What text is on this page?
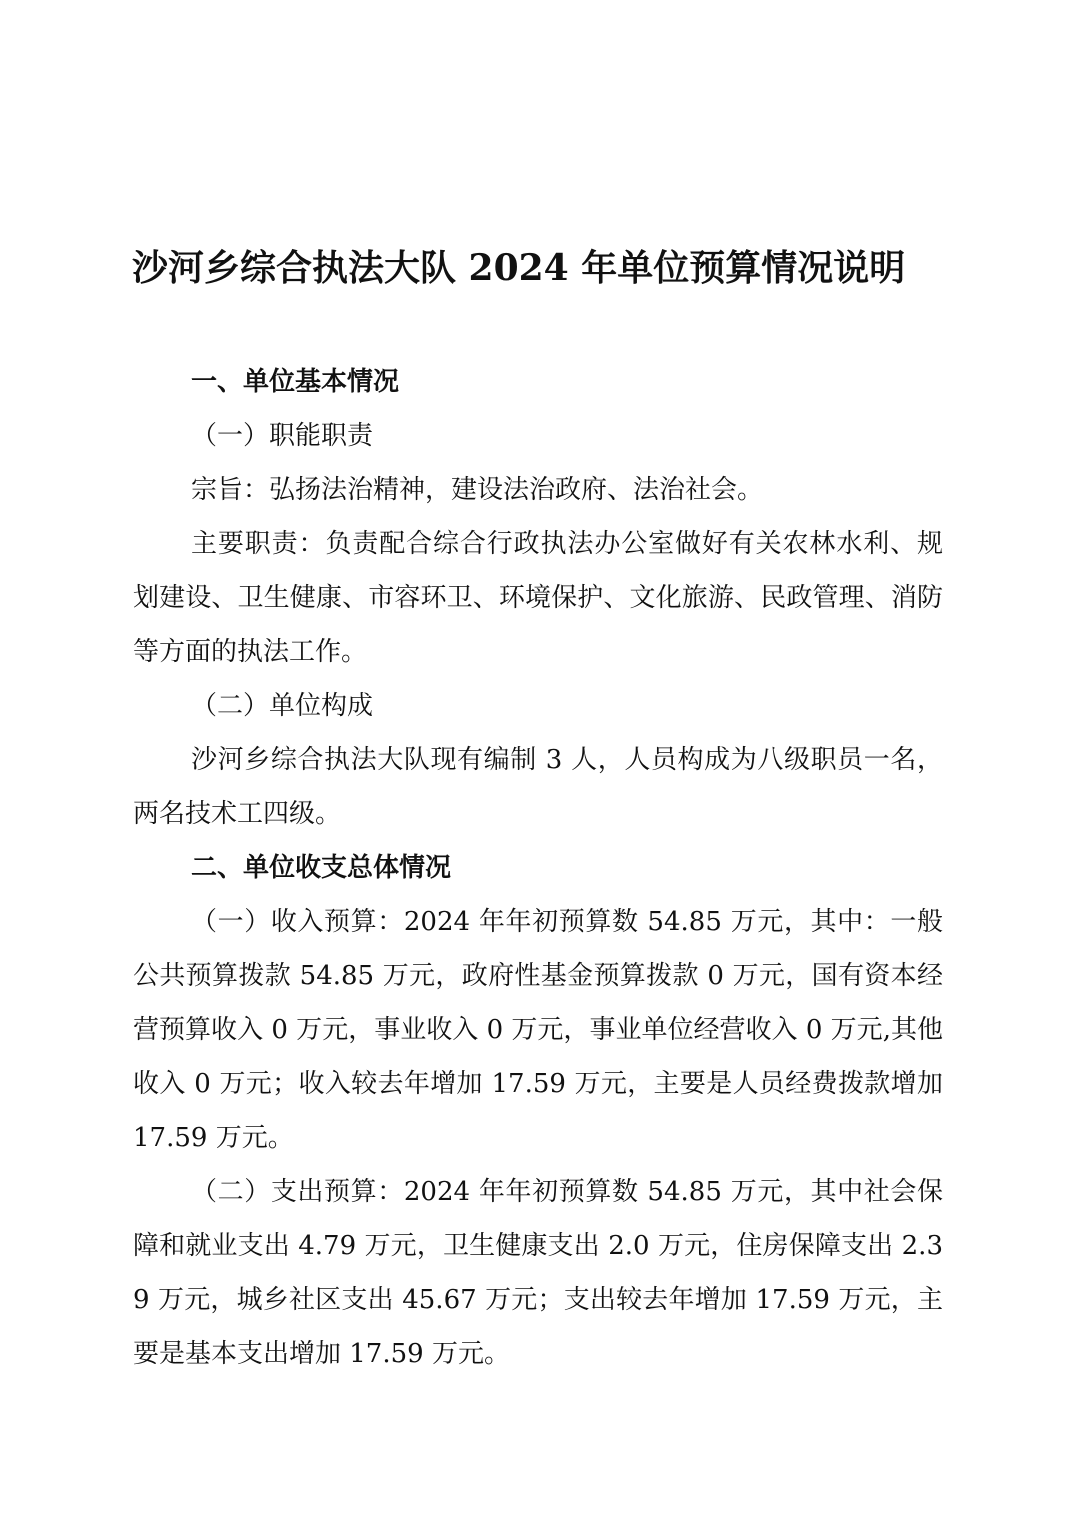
沙河乡综合执法大队 2024 年单位预算情况说明
一、单位基本情况
（一）职能职责

宗旨：弘扬法治精神，建设法治政府、法治社会。

主要职责：负责配合综合行政执法办公室做好有关农林水利、规划建设、卫生健康、市容环卫、环境保护、文化旅游、民政管理、消防等方面的执法工作。

（二）单位构成

沙河乡综合执法大队现有编制 3 人，人员构成为八级职员一名，两名技术工四级。

二、单位收支总体情况

（一）收入预算：2024 年年初预算数 54.85 万元，其中：一般公共预算拨款 54.85 万元，政府性基金预算拨款 0 万元，国有资本经营预算收入 0 万元，事业收入 0 万元，事业单位经营收入 0 万元,其他收入 0 万元；收入较去年增加 17.59 万元，主要是人员经费拨款增加 17.59 万元。

（二）支出预算：2024 年年初预算数 54.85 万元，其中社会保障和就业支出 4.79 万元，卫生健康支出 2.0 万元，住房保障支出 2.39 万元，城乡社区支出 45.67 万元；支出较去年增加 17.59 万元，主要是基本支出增加 17.59 万元。
